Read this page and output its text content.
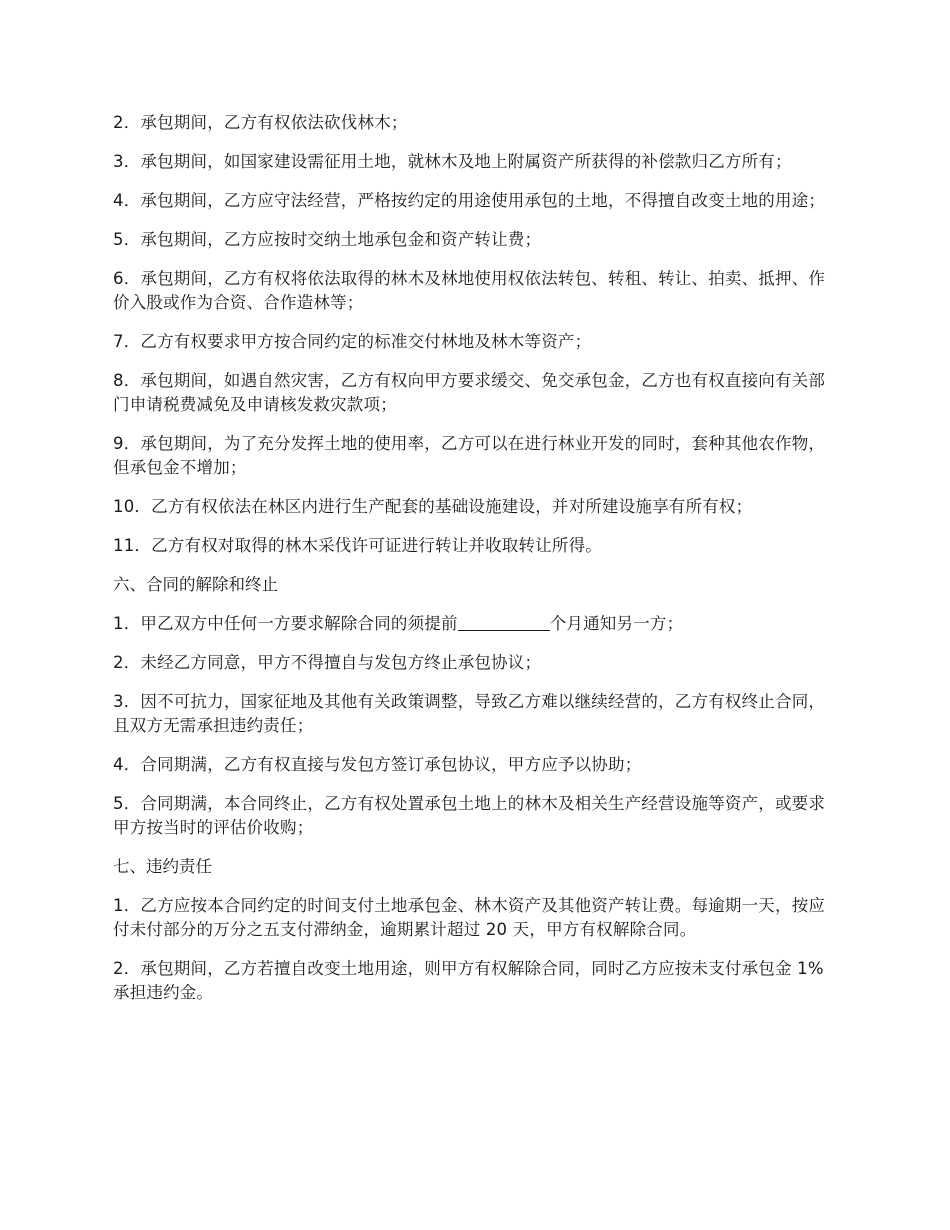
2．承包期间，乙方有权依法砍伐林木；

3．承包期间，如国家建设需征用土地，就林木及地上附属资产所获得的补偿款归乙方所有；

4．承包期间，乙方应守法经营，严格按约定的用途使用承包的土地，不得擅自改变土地的用途；

5．承包期间，乙方应按时交纳土地承包金和资产转让费；

6．承包期间，乙方有权将依法取得的林木及林地使用权依法转包、转租、转让、拍卖、抵押、作价入股或作为合资、合作造林等；

7．乙方有权要求甲方按合同约定的标准交付林地及林木等资产；

8．承包期间，如遇自然灾害，乙方有权向甲方要求缓交、免交承包金，乙方也有权直接向有关部门申请税费减免及申请核发救灾款项；

9．承包期间，为了充分发挥土地的使用率，乙方可以在进行林业开发的同时，套种其他农作物，但承包金不增加；

10．乙方有权依法在林区内进行生产配套的基础设施建设，并对所建设施享有所有权；

11．乙方有权对取得的林木采伐许可证进行转让并收取转让所得。

六、合同的解除和终止

1．甲乙双方中任何一方要求解除合同的须提前	个月通知另一方；

2．未经乙方同意，甲方不得擅自与发包方终止承包协议；

3．因不可抗力，国家征地及其他有关政策调整，导致乙方难以继续经营的，乙方有权终止合同，且双方无需承担违约责任；

4．合同期满，乙方有权直接与发包方签订承包协议，甲方应予以协助；

5．合同期满，本合同终止，乙方有权处置承包土地上的林木及相关生产经营设施等资产，或要求甲方按当时的评估价收购；

七、违约责任

1．乙方应按本合同约定的时间支付土地承包金、林木资产及其他资产转让费。每逾期一天，按应付未付部分的万分之五支付滞纳金，逾期累计超过 20 天，甲方有权解除合同。

2．承包期间，乙方若擅自改变土地用途，则甲方有权解除合同，同时乙方应按未支付承包金 1%承担违约金。
